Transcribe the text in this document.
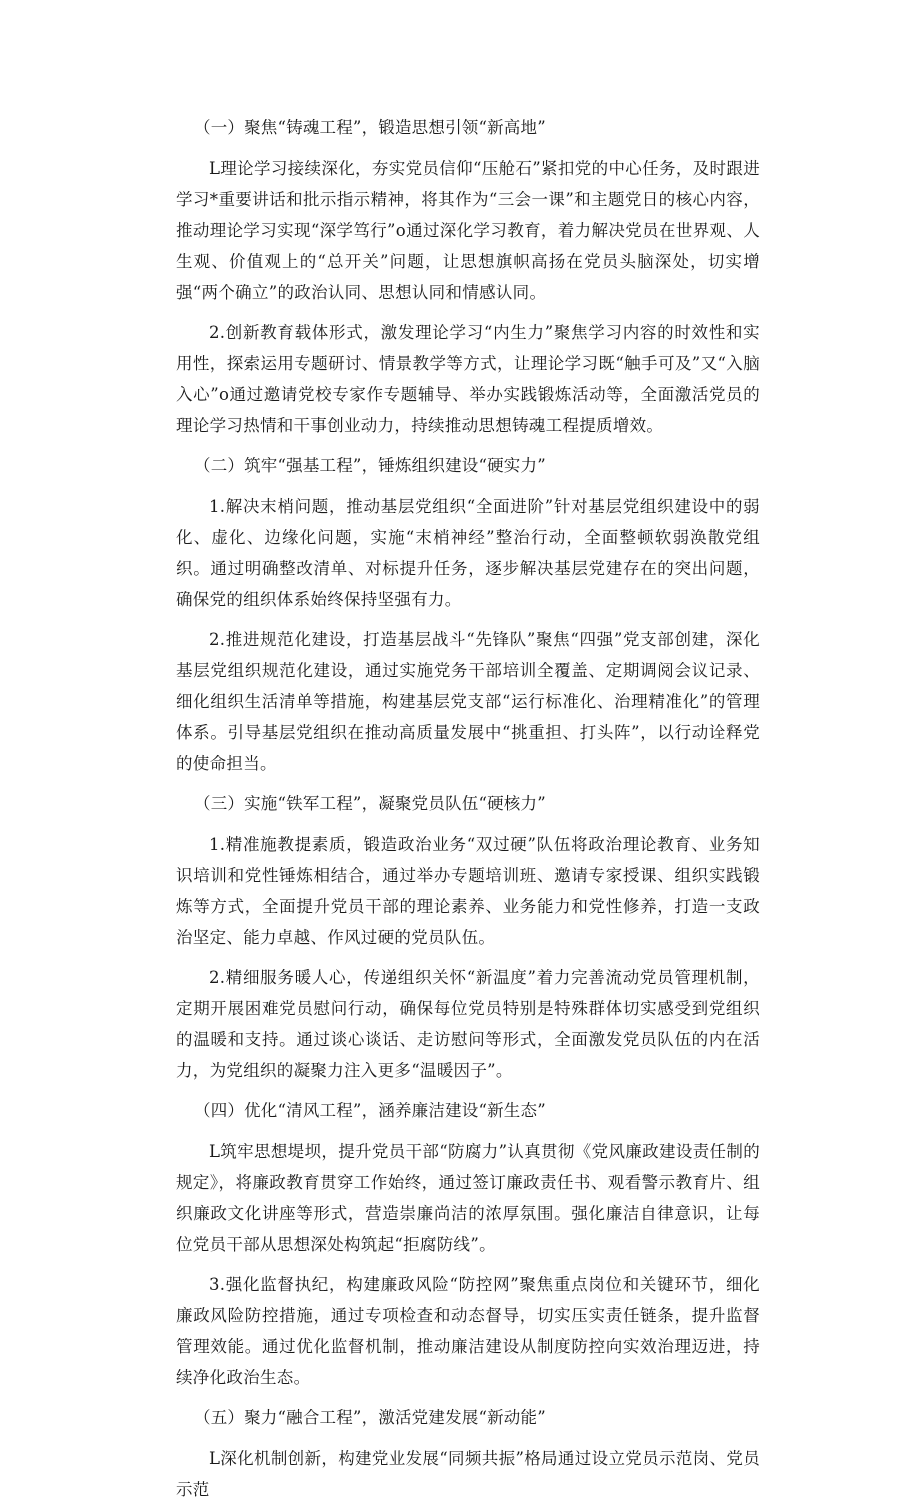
（一）聚焦“铸魂工程”，锻造思想引领“新高地”

L理论学习接续深化，夯实党员信仰“压舱石”紧扣党的中心任务，及时跟进学习*重要讲话和批示指示精神，将其作为“三会一课”和主题党日的核心内容，推动理论学习实现“深学笃行”o通过深化学习教育，着力解决党员在世界观、人生观、价值观上的“总开关”问题，让思想旗帜高扬在党员头脑深处，切实增强“两个确立”的政治认同、思想认同和情感认同。

2.创新教育载体形式，激发理论学习“内生力”聚焦学习内容的时效性和实用性，探索运用专题研讨、情景教学等方式，让理论学习既“触手可及”又“入脑入心”o通过邀请党校专家作专题辅导、举办实践锻炼活动等，全面激活党员的理论学习热情和干事创业动力，持续推动思想铸魂工程提质增效。

（二）筑牢“强基工程”，锤炼组织建设“硬实力”

1.解决末梢问题，推动基层党组织“全面进阶”针对基层党组织建设中的弱化、虚化、边缘化问题，实施“末梢神经”整治行动，全面整顿软弱涣散党组织。通过明确整改清单、对标提升任务，逐步解决基层党建存在的突出问题，确保党的组织体系始终保持坚强有力。

2.推进规范化建设，打造基层战斗“先锋队”聚焦“四强”党支部创建，深化基层党组织规范化建设，通过实施党务干部培训全覆盖、定期调阅会议记录、细化组织生活清单等措施，构建基层党支部“运行标准化、治理精准化”的管理体系。引导基层党组织在推动高质量发展中“挑重担、打头阵”，以行动诠释党的使命担当。

（三）实施“铁军工程”，凝聚党员队伍“硬核力”

1.精准施教提素质，锻造政治业务“双过硬”队伍将政治理论教育、业务知识培训和党性锤炼相结合，通过举办专题培训班、邀请专家授课、组织实践锻炼等方式，全面提升党员干部的理论素养、业务能力和党性修养，打造一支政治坚定、能力卓越、作风过硬的党员队伍。

2.精细服务暖人心，传递组织关怀“新温度”着力完善流动党员管理机制，定期开展困难党员慰问行动，确保每位党员特别是特殊群体切实感受到党组织的温暖和支持。通过谈心谈话、走访慰问等形式，全面激发党员队伍的内在活力，为党组织的凝聚力注入更多“温暖因子”。

（四）优化“清风工程”，涵养廉洁建设“新生态”

L筑牢思想堤坝，提升党员干部“防腐力”认真贯彻《党风廉政建设责任制的规定》，将廉政教育贯穿工作始终，通过签订廉政责任书、观看警示教育片、组织廉政文化讲座等形式，营造崇廉尚洁的浓厚氛围。强化廉洁自律意识，让每位党员干部从思想深处构筑起“拒腐防线”。

3.强化监督执纪，构建廉政风险“防控网”聚焦重点岗位和关键环节，细化廉政风险防控措施，通过专项检查和动态督导，切实压实责任链条，提升监督管理效能。通过优化监督机制，推动廉洁建设从制度防控向实效治理迈进，持续净化政治生态。

（五）聚力“融合工程”，激活党建发展“新动能”

L深化机制创新，构建党业发展“同频共振”格局通过设立党员示范岗、党员示范
